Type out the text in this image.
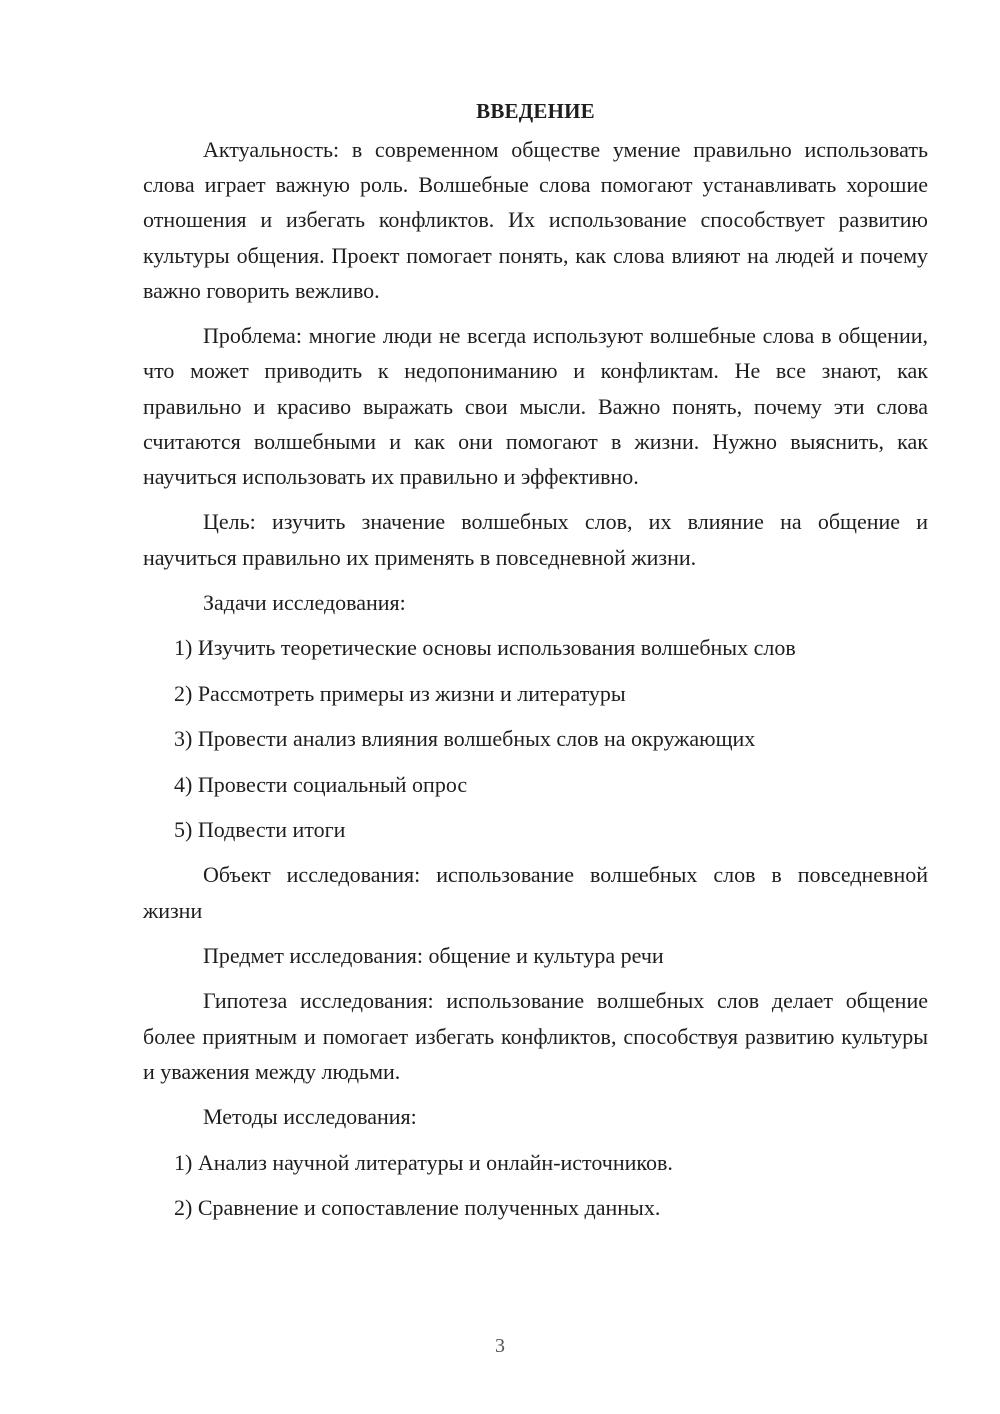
ВВЕДЕНИЕ

Актуальность: в современном обществе умение правильно использовать слова играет важную роль. Волшебные слова помогают устанавливать хорошие отношения и избегать конфликтов. Их использование способствует развитию культуры общения. Проект помогает понять, как слова влияют на людей и почему важно говорить вежливо.

Проблема: многие люди не всегда используют волшебные слова в общении, что может приводить к недопониманию и конфликтам. Не все знают, как правильно и красиво выражать свои мысли. Важно понять, почему эти слова считаются волшебными и как они помогают в жизни. Нужно выяснить, как научиться использовать их правильно и эффективно.

Цель: изучить значение волшебных слов, их влияние на общение и научиться правильно их применять в повседневной жизни.

Задачи исследования:

1) Изучить теоретические основы использования волшебных слов

2) Рассмотреть примеры из жизни и литературы

3) Провести анализ влияния волшебных слов на окружающих

4) Провести социальный опрос

5) Подвести итоги

Объект исследования: использование волшебных слов в повседневной жизни

Предмет исследования: общение и культура речи

Гипотеза исследования: использование волшебных слов делает общение более приятным и помогает избегать конфликтов, способствуя развитию культуры и уважения между людьми.

Методы исследования:

1) Анализ научной литературы и онлайн-источников.

2) Сравнение и сопоставление полученных данных.

3
